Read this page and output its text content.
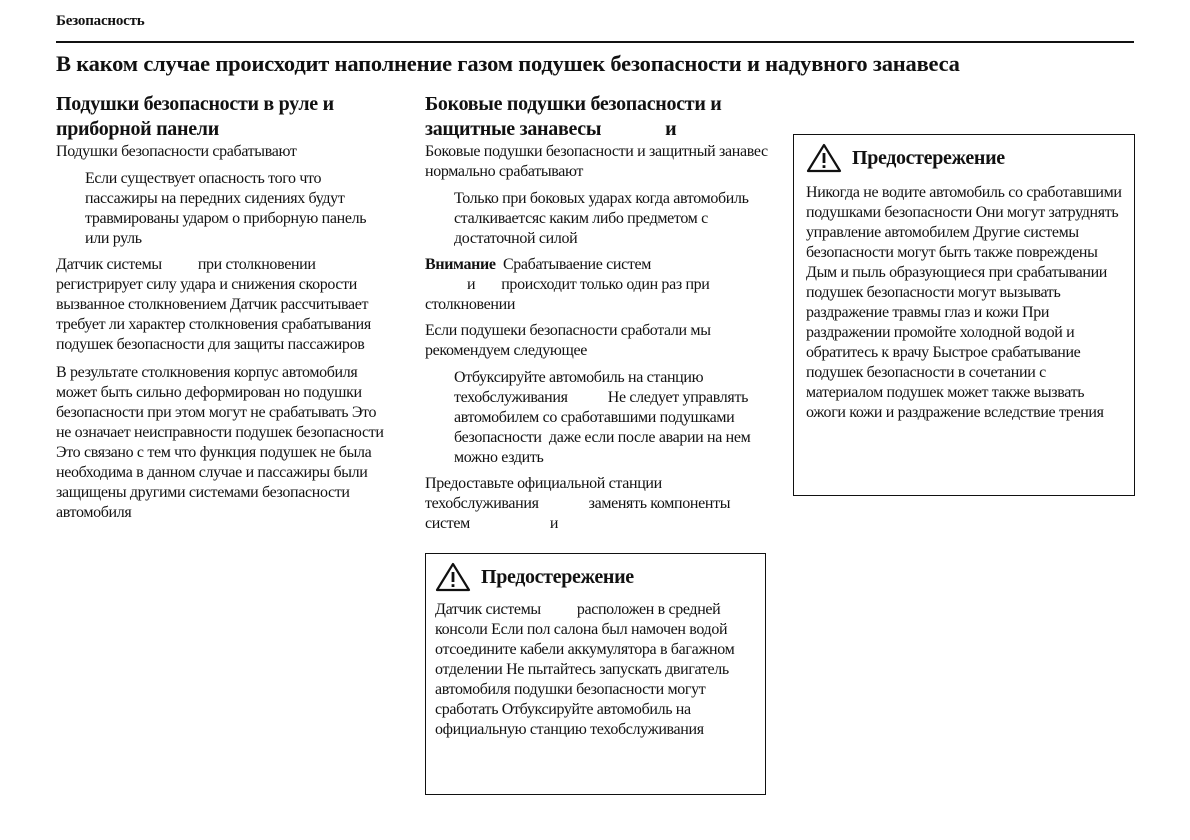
Безопасность
В каком случае происходит наполнение газом подушек безопасности и надувного занавеса
Подушки безопасности в руле и приборной панели

Подушки безопасности срабатывают

Если существует опасность того что пассажиры на передних сидениях будут травмированы ударом о приборную панель или руль

Датчик системы при столкновении регистрирует силу удара и снижения скорости вызванное столкновением Датчик рассчитывает требует ли характер столкновения срабатывания подушек безопасности для защиты пассажиров

В результате столкновения корпус автомобиля может быть сильно деформирован но подушки безопасности при этом могут не срабатывать Это не означает неисправности подушек безопасности Это связано с тем что функция подушек не была необходима в данном случае и пассажиры были защищены другими системами безопасности автомобиля

Боковые подушки безопасности и защитные занавесы	и

Боковые подушки безопасности и защитный занавес нормально срабатывают

Только при боковых ударах когда автомобиль сталкиваетсяс каким либо предметом с достаточной силой

Внимание Срабатываение систем
и происходит только один раз при столкновении

Если подушеки безопасности сработали мы рекомендуем следующее

Отбуксируйте автомобиль на станцию техобслуживания           Не следует управлять автомобилем со сработавшими подушками безопасности  даже если после аварии на нем можно ездить

Предоставьте официальной станции техобслуживания	заменять компоненты систем	и

Предостережение

Датчик системы расположен в средней консоли Если пол салона был намочен водой отсоедините кабели аккумулятора в багажном отделении Не пытайтесь запускать двигатель автомобиля подушки безопасности могут сработать Отбуксируйте автомобиль на официальную станцию техобслуживания

Предостережение

Никогда не водите автомобиль со сработавшими подушками безопасности Они могут затруднять управление автомобилем Другие системы безопасности могут быть также повреждены Дым и пыль образующиеся при срабатывании подушек безопасности могут вызывать раздражение травмы глаз и кожи При раздражении промойте холодной водой и обратитесь к врачу Быстрое срабатывание подушек безопасности в сочетании с материалом подушек может также вызвать ожоги кожи и раздражение вследствие трения
